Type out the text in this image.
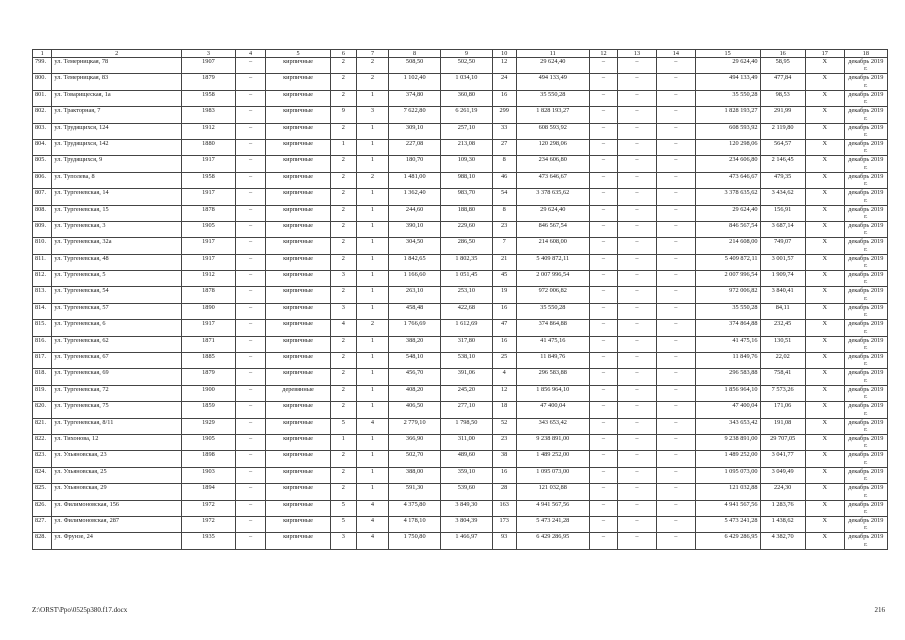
1	2	3	4	5	6	7	8	9	10	11	12	13	14	15	16	17	18
799.	ул. Темерницкая, 78	1907	–	кирпичные	2	2	508,50	502,50	12	29 624,40	–	–	–	29 624,40	58,95	X	декабрь 2019 г.
800.	ул. Темерницкая, 83	1879	–	кирпичные	2	2	1 102,40	1 034,10	24	494 133,49	–	–	–	494 133,49	477,84	X	декабрь 2019 г.
801.	ул. Товарищеская, 1а	1958	–	кирпичные	2	1	374,80	360,80	16	35 550,28	–	–	–	35 550,28	98,53	X	декабрь 2019 г.
802.	ул. Тракторная, 7	1983	–	кирпичные	9	3	7 622,80	6 261,19	299	1 828 193,27	–	–	–	1 828 193,27	291,99	X	декабрь 2019 г.
803.	ул. Трудящихся, 124	1912	–	кирпичные	2	1	309,10	257,10	33	608 593,92	–	–	–	608 593,92	2 119,80	X	декабрь 2019 г.
804.	ул. Трудящихся, 142	1880	–	кирпичные	1	1	227,08	213,08	27	120 298,06	–	–	–	120 298,06	564,57	X	декабрь 2019 г.
805.	ул. Трудящихся, 9	1917	–	кирпичные	2	1	180,70	109,30	8	234 606,80	–	–	–	234 606,80	2 146,45	X	декабрь 2019 г.
806.	ул. Туполева, 8	1958	–	кирпичные	2	2	1 481,00	988,10	46	473 646,67	–	–	–	473 646,67	479,35	X	декабрь 2019 г.
807.	ул. Тургеневская, 14	1917	–	кирпичные	2	1	1 362,40	983,70	54	3 378 635,62	–	–	–	3 378 635,62	3 434,62	X	декабрь 2019 г.
808.	ул. Тургеневская, 15	1878	–	кирпичные	2	1	244,60	188,80	8	29 624,40	–	–	–	29 624,40	156,91	X	декабрь 2019 г.
809.	ул. Тургеневская, 3	1905	–	кирпичные	2	1	390,10	229,60	23	846 567,54	–	–	–	846 567,54	3 687,14	X	декабрь 2019 г.
810.	ул. Тургеневская, 32а	1917	–	кирпичные	2	1	304,50	286,50	7	214 608,00	–	–	–	214 608,00	749,07	X	декабрь 2019 г.
811.	ул. Тургеневская, 48	1917	–	кирпичные	2	1	1 842,65	1 802,35	21	5 409 872,11	–	–	–	5 409 872,11	3 001,57	X	декабрь 2019 г.
812.	ул. Тургеневская, 5	1912	–	кирпичные	3	1	1 166,60	1 051,45	45	2 007 996,54	–	–	–	2 007 996,54	1 909,74	X	декабрь 2019 г.
813.	ул. Тургеневская, 54	1878	–	кирпичные	2	1	263,10	253,10	19	972 006,82	–	–	–	972 006,82	3 840,41	X	декабрь 2019 г.
814.	ул. Тургеневская, 57	1890	–	кирпичные	3	1	458,48	422,68	16	35 550,28	–	–	–	35 550,28	84,11	X	декабрь 2019 г.
815.	ул. Тургеневская, 6	1917	–	кирпичные	4	2	1 766,69	1 612,69	47	374 864,88	–	–	–	374 864,88	232,45	X	декабрь 2019 г.
816.	ул. Тургеневская, 62	1871	–	кирпичные	2	1	388,20	317,80	16	41 475,16	–	–	–	41 475,16	130,51	X	декабрь 2019 г.
817.	ул. Тургеневская, 67	1885	–	кирпичные	2	1	548,10	538,10	25	11 849,76	–	–	–	11 849,76	22,02	X	декабрь 2019 г.
818.	ул. Тургеневская, 69	1879	–	кирпичные	2	1	456,70	391,06	4	296 583,88	–	–	–	296 583,88	758,41	X	декабрь 2019 г.
819.	ул. Тургеневская, 72	1900	–	деревянные	2	1	408,20	245,20	12	1 856 964,10	–	–	–	1 856 964,10	7 573,26	X	декабрь 2019 г.
820.	ул. Тургеневская, 75	1859	–	кирпичные	2	1	406,50	277,10	18	47 400,04	–	–	–	47 400,04	171,06	X	декабрь 2019 г.
821.	ул. Тургеневская, 8/11	1929	–	кирпичные	5	4	2 779,10	1 798,50	52	343 653,42	–	–	–	343 653,42	191,08	X	декабрь 2019 г.
822.	ул. Тихонова, 12	1905	–	кирпичные	1	1	366,90	311,00	23	9 238 891,00	–	–	–	9 238 891,00	29 707,05	X	декабрь 2019 г.
823.	ул. Ульяновская, 23	1898	–	кирпичные	2	1	502,70	489,60	38	1 489 252,00	–	–	–	1 489 252,00	3 041,77	X	декабрь 2019 г.
824.	ул. Ульяновская, 25	1903	–	кирпичные	2	1	388,00	359,10	16	1 095 073,00	–	–	–	1 095 073,00	3 049,49	X	декабрь 2019 г.
825.	ул. Ульяновская, 29	1894	–	кирпичные	2	1	591,30	539,60	28	121 032,88	–	–	–	121 032,88	224,30	X	декабрь 2019 г.
826.	ул. Филимоновская, 156	1972	–	кирпичные	5	4	4 375,80	3 849,30	163	4 941 567,56	–	–	–	4 941 567,56	1 283,76	X	декабрь 2019 г.
827.	ул. Филимоновская, 287	1972	–	кирпичные	5	4	4 178,10	3 804,39	173	5 473 241,28	–	–	–	5 473 241,28	1 438,62	X	декабрь 2019 г.
828.	ул. Фрунзе, 24	1935	–	кирпичные	3	4	1 750,80	1 466,97	93	6 429 286,95	–	–	–	6 429 286,95	4 382,70	X	декабрь 2019 г.
Z:\ORST\Ppo\0525p380.f17.docx	216
